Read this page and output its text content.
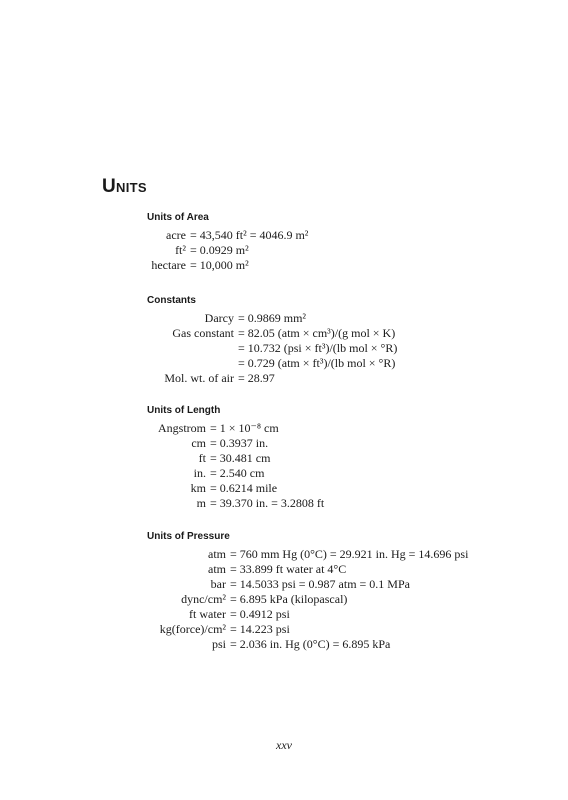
Units
Units of Area
acre = 43,540 ft² = 4046.9 m²
ft² = 0.0929 m²
hectare = 10,000 m²
Constants
Darcy = 0.9869 mm²
Gas constant = 82.05 (atm × cm³)/(g mol × K)
= 10.732 (psi × ft³)/(lb mol × °R)
= 0.729 (atm × ft³)/(lb mol × °R)
Mol. wt. of air = 28.97
Units of Length
Angstrom = 1 × 10⁻⁸ cm
cm = 0.3937 in.
ft = 30.481 cm
in. = 2.540 cm
km = 0.6214 mile
m = 39.370 in. = 3.2808 ft
Units of Pressure
atm = 760 mm Hg (0°C) = 29.921 in. Hg = 14.696 psi
atm = 33.899 ft water at 4°C
bar = 14.5033 psi = 0.987 atm = 0.1 MPa
dync/cm² = 6.895 kPa (kilopascal)
ft water = 0.4912 psi
kg(force)/cm² = 14.223 psi
psi = 2.036 in. Hg (0°C) = 6.895 kPa
xxv
